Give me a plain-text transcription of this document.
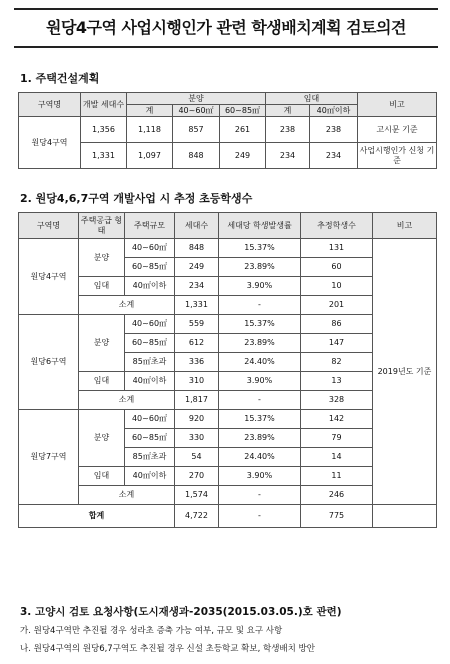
원당4구역 사업시행인가 관련 학생배치계획 검토의견
1. 주택건설계획
구역명	개발 세대수	분양			임대		비고
		계	40~60㎡	60~85㎡	계	40㎡이하	
원당4구역	1,356	1,118	857	261	238	238	고시문 기준
	1,331	1,097	848	249	234	234	사업시행인가 신청 기준
2. 원당4,6,7구역 개발사업 시 추정 초등학생수
구역명	주택공급 형태	주택규모	세대수	세대당 학생발생률	추정학생수	비고
원당4구역	분양	40~60㎡	848	15.37%	131	2019년도 기준
		60~85㎡	249	23.89%	60	
	임대	40㎡이하	234	3.90%	10	
	소계		1,331	-	201	
원당6구역	분양	40~60㎡	559	15.37%	86	
		60~85㎡	612	23.89%	147	
		85㎡초과	336	24.40%	82	
	임대	40㎡이하	310	3.90%	13	
	소계		1,817	-	328	
원당7구역	분양	40~60㎡	920	15.37%	142	
		60~85㎡	330	23.89%	79	
		85㎡초과	54	24.40%	14	
	임대	40㎡이하	270	3.90%	11	
	소계		1,574	-	246	
합계			4,722	-	775	
3. 고양시 검토 요청사항(도시재생과-2035(2015.03.05.)호 관련)
가. 원당4구역만 추진될 경우 성라초 증축 가능 여부, 규모 및 요구 사항
나. 원당4구역의 원당6,7구역도 추진될 경우 신설 초등학교 확보, 학생배치 방안
